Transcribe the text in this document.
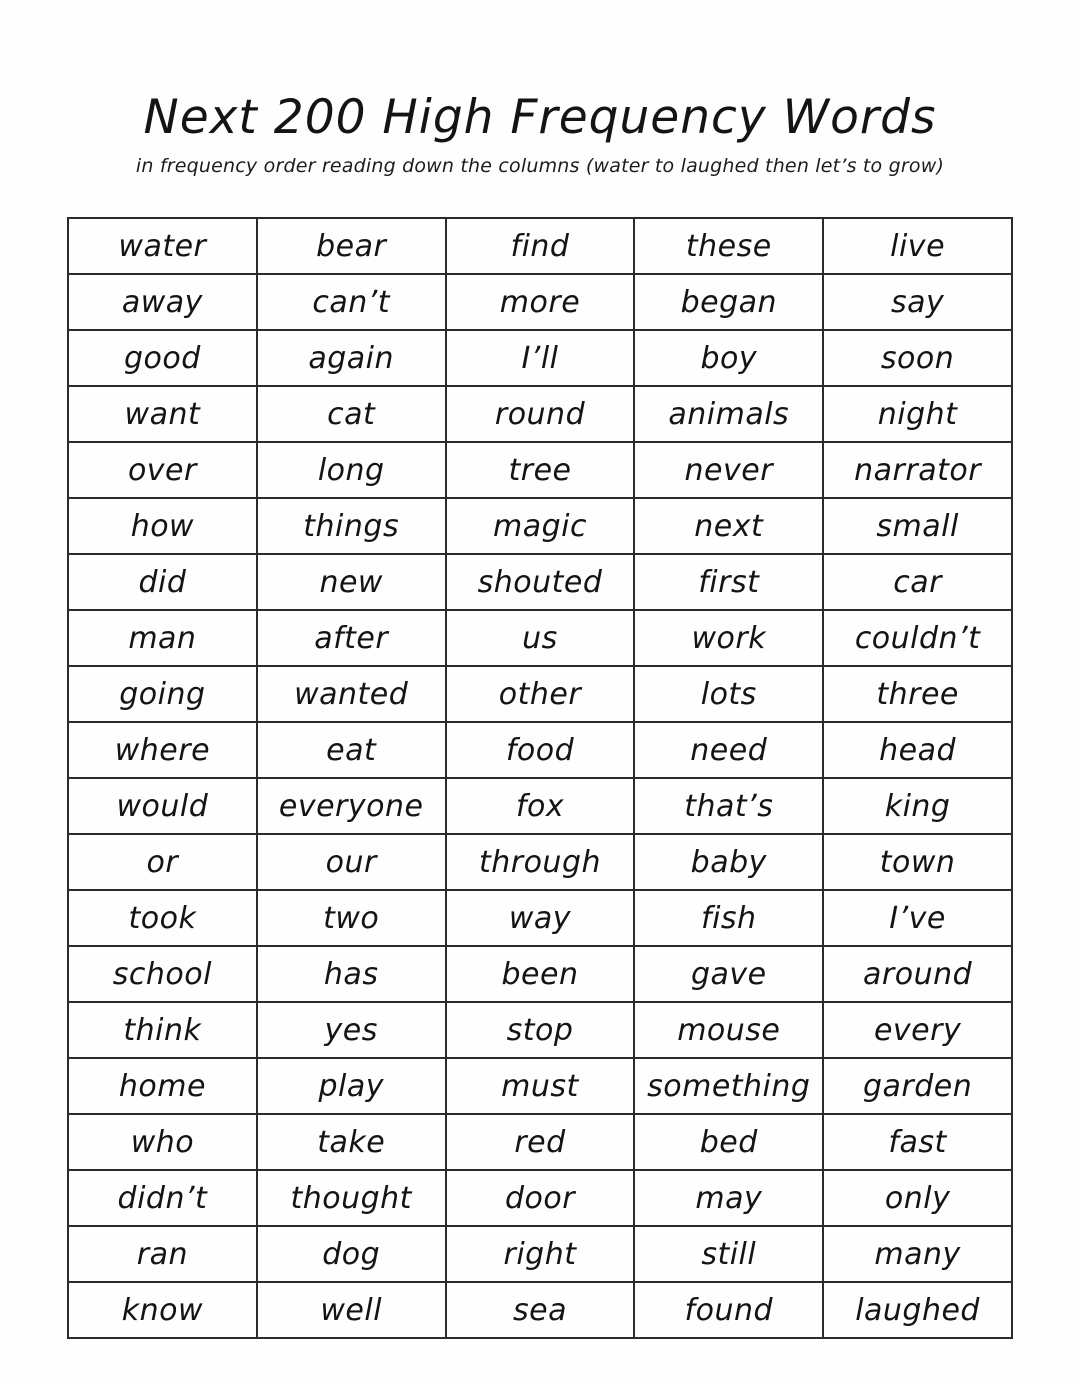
Next 200 High Frequency Words

in frequency order reading down the columns (water to laughed then let’s to grow)

water	bear	find	these	live
away	can’t	more	began	say
good	again	I’ll	boy	soon
want	cat	round	animals	night
over	long	tree	never	narrator
how	things	magic	next	small
did	new	shouted	first	car
man	after	us	work	couldn’t
going	wanted	other	lots	three
where	eat	food	need	head
would	everyone	fox	that’s	king
or	our	through	baby	town
took	two	way	fish	I’ve
school	has	been	gave	around
think	yes	stop	mouse	every
home	play	must	something	garden
who	take	red	bed	fast
didn’t	thought	door	may	only
ran	dog	right	still	many
know	well	sea	found	laughed
